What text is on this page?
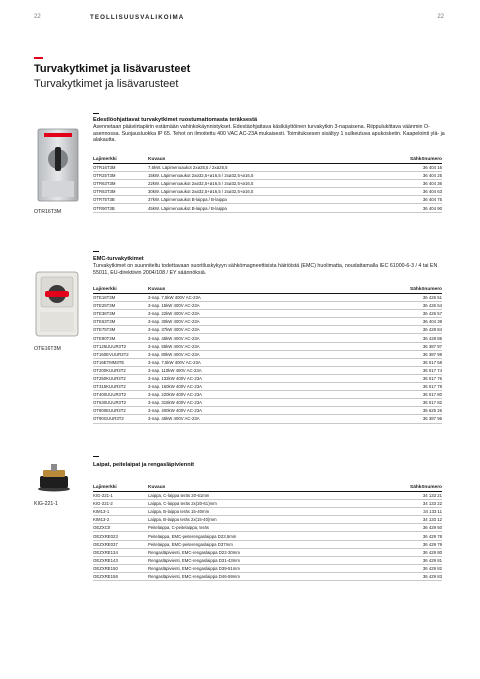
22	TEOLLISUUSVALIKOIMA	22
Turvakytkimet ja lisävarusteet
Turvakytkimet ja lisävarusteet
OTR16T3M
Edestlöohjattavat turvakytkimet ruostumattomasta teräksestä
Asennetaan pääviirtapiirin estämään vahinkokäynnistykset. Edestäohjattava käsikäyttöinen turvakytkin 3-napaisena. Riippulukittava väänmin O-asennossa. Suojausluokka IP 65. Tehot on ilmoitettu 400 VAC AC-23A mukaisesti. Toimituksesen sisältyy 1 sulkeutuva apukosketin. Kaapelointi ylä- ja alakautta.
Lajimerkki	Kuvaus	Sähkönumero
OTR16T3M	7,5kW. Läpimenoaukot 2xø25,5 / 2xø25,5	36 404 16
OTR25T3M	15kW. Läpimenoaukot 2xø32,5+ø16,5 / 2xø32,5+ø16,5	36 404 25
OTR63T3M	22kW. Läpimenoaukot 2xø32,5+ø16,5 / 2xø32,5+ø16,5	36 404 36
OTR63T3M	30kW. Läpimenoaukot 2xø32,5+ø16,5 / 2xø32,5+ø16,5	36 404 63
OTR75T3B	37kW. Läpimenoaukot B-laippa / B-laippa	36 404 75
OTR90T3B	45kW. Läpimenoaukot B-laippa / B-laippa	36 404 90
OTE16T3M
EMC-turvakytkimet
Turvakytkimet on suunniteltu todettavaan suoritluskykyyn sähkömagneettisista häiriöistä (EMC) huolimatta, noudattamalla IEC 61000-6-3 / 4 tai EN 55011, EU-direktiivin 2004/108 / EY säännöksiä.
Lajimerkki	Kuvaus	Sähkönumero
OTE16T3M	3-nap. 7,5kW 400V AC-23A	36 426 51
OTE25T3M	3-nap. 15kW 400V AC-23A	36 426 54
OTE36T3M	3-nap. 22kW 400V AC-23A	36 426 57
OTE63T3M	3-nap. 30kW 400V AC-23A	36 404 39
OTE75T3M	3-nap. 37kW 400V AC-23A	36 428 84
OTE90T3M	3-nap. 45kW 400V AC-23A	36 428 85
OT125UUUR3T2	3-nap. 55kW 400V AC-23A	36 387 97
OT160EVUUR3T2	3-nap. 80kW 400V AC-23A	36 387 99
OT16ETMM3TE	3-nap. 7,5kW 400V AC-23A	36 017 58
OT200KUUR3T2	3-nap. 110kW 400V AC-23A	36 017 74
OT250KUUR3T2	3-nap. 132kW 400V AC-23A	36 017 76
OT315KUUR3T2	3-nap. 160kW 400V AC-23A	36 017 78
OT400UUUR3T2	3-nap. 220kW 400V AC-23A	36 017 80
OT630UUUR3T2	3-nap. 315kW 400V AC-23A	36 017 82
OT800EUUR3T2	3-nap. 400kW 400V AC-23A	36 625 26
OT90GUUR3T2	3-nap. 45kW 400V AC-23A	36 387 96
KIG-221-1
Laipat, peitelaipat ja rengasläpiviennit
Lajimerkki	Kuvaus	Sähkönumero
KIG-221-1	Laippa, C-laippa teräs 20-61mm	34 133 21
KIG-221-2	Laippa, C-laippa teräs 2x(20-61)mm	34 133 22
KIM13-1	Laippa, B-laippa teräs 15-40mm	34 133 11
KIM13-2	Laippa, B-laippa teräs 2x(15-40)mm	34 133 12
OEZXC0	Peitelaippa, C-peitelaippa, teräs	36 429 50
OEZXRE023	Peitelaippa, EMC-peiterengaslaippa D23,5mm	36 429 78
OEZXRE037	Peitelaippa, EMC-peiterengaslaippa D37mm	36 429 79
OEZXRE134	Rengasläpivienti, EMC-rengaslaippa D22-30mm	36 429 80
OEZXRE143	Rengasläpivienti, EMC-rengaslaippa D31-43mm	36 429 81
OEZXRE150	Rengasläpivienti, EMC-rengaslaippa D39-51mm	36 429 82
OEZXRE158	Rengasläpivienti, EMC-rengaslaippa D46-59mm	36 429 83
